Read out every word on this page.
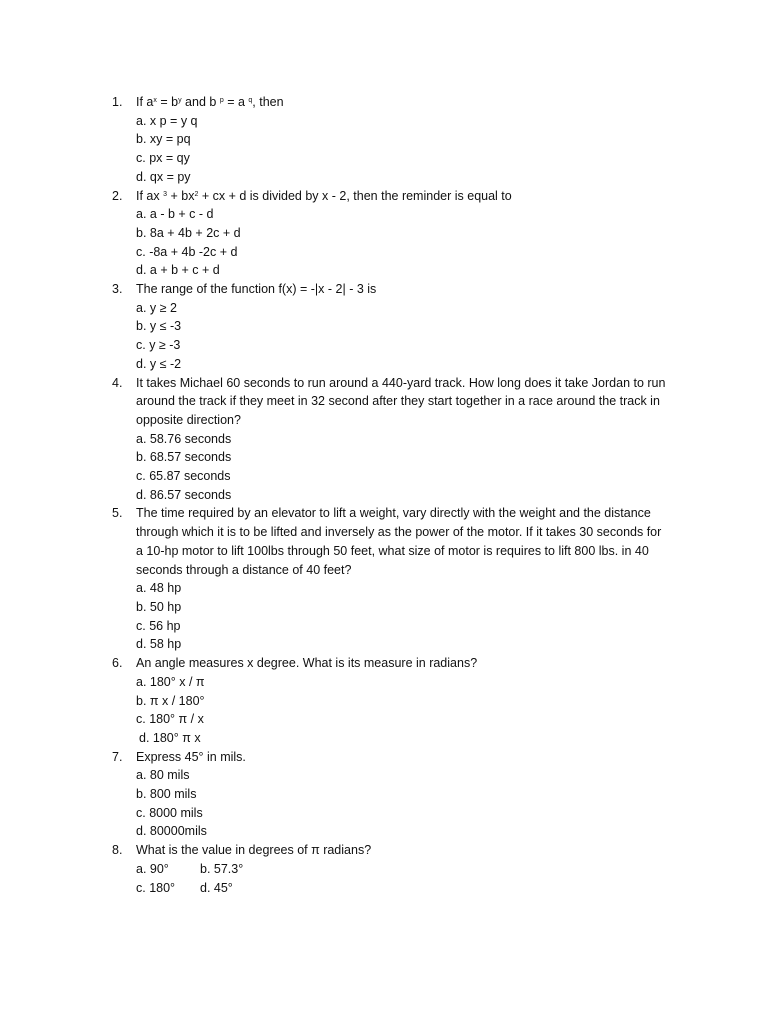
1. If $a^x = b^y$ and b $^p$ = a $^q$, then
a. x p = y q
b. xy = pq
c. px = qy
d. qx = py
2. If ax $^3 + bx^2$ + cx + d is divided by x - 2, then the reminder is equal to
a. a - b + c - d
b. 8a + 4b + 2c + d
c. -8a + 4b -2c + d
d. a + b + c + d
3. The range of the function f(x) = -|x - 2| - 3 is
a. y ≥ 2
b. y ≤ -3
c. y ≥ -3
d. y ≤ -2
4. It takes Michael 60 seconds to run around a 440-yard track. How long does it take Jordan to run
around the track if they meet in 32 second after they start together in a race around the track in
opposite direction?
a. 58.76 seconds
b. 68.57 seconds
c. 65.87 seconds
d. 86.57 seconds
5. The time required by an elevator to lift a weight, vary directly with the weight and the distance
through which it is to be lifted and inversely as the power of the motor. If it takes 30 seconds for
a 10-hp motor to lift 100lbs through 50 feet, what size of motor is requires to lift 800 lbs. in 40
seconds through a distance of 40 feet?
a. 48 hp
b. 50 hp
c. 56 hp
d. 58 hp
6. An angle measures x degree. What is its measure in radians?
a. 180° x / π
b. π x / 180°
c. 180° π / x
d. 180° π x
7. Express 45° in mils.
a. 80 mils
b. 800 mils
c. 8000 mils
d. 80000mils
8. What is the value in degrees of π radians?
a. 90°	b. 57.3°
c. 180°	d. 45°
